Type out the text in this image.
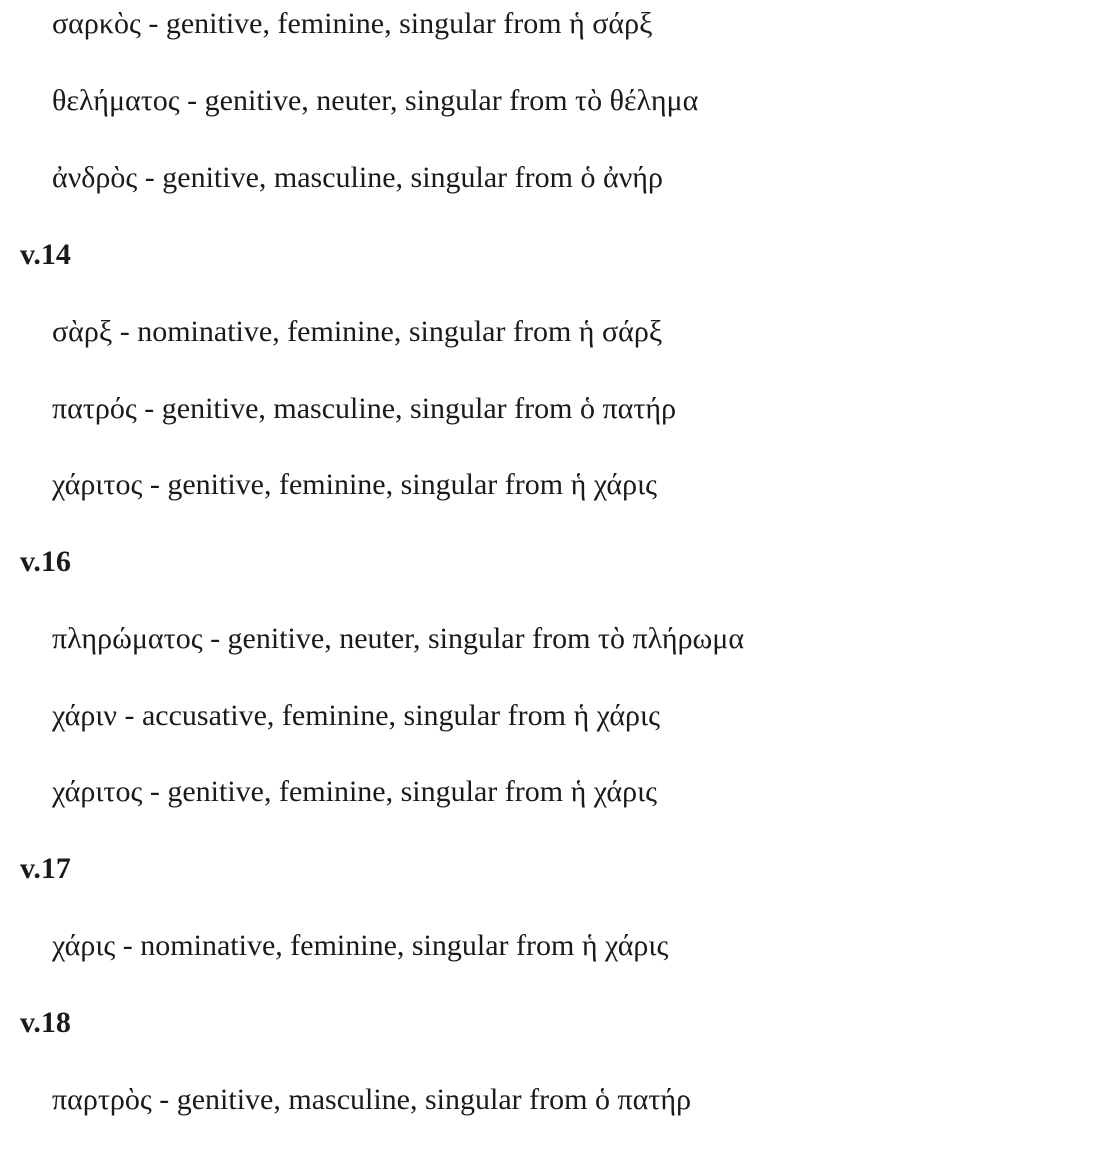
σαρκὸς - genitive, feminine, singular from ἡ σάρξ
θελήματος - genitive, neuter, singular from τὸ θέλημα
ἀνδρὸς - genitive, masculine, singular from ὁ ἀνήρ
v.14
σὰρξ - nominative, feminine, singular from ἡ σάρξ
πατρός - genitive, masculine, singular from ὁ πατήρ
χάριτος - genitive, feminine, singular from ἡ χάρις
v.16
πληρώματος - genitive, neuter, singular from τὸ πλήρωμα
χάριν - accusative, feminine, singular from ἡ χάρις
χάριτος - genitive, feminine, singular from ἡ χάρις
v.17
χάρις - nominative, feminine, singular from ἡ χάρις
v.18
παρτρὸς - genitive, masculine, singular from ὁ πατήρ
